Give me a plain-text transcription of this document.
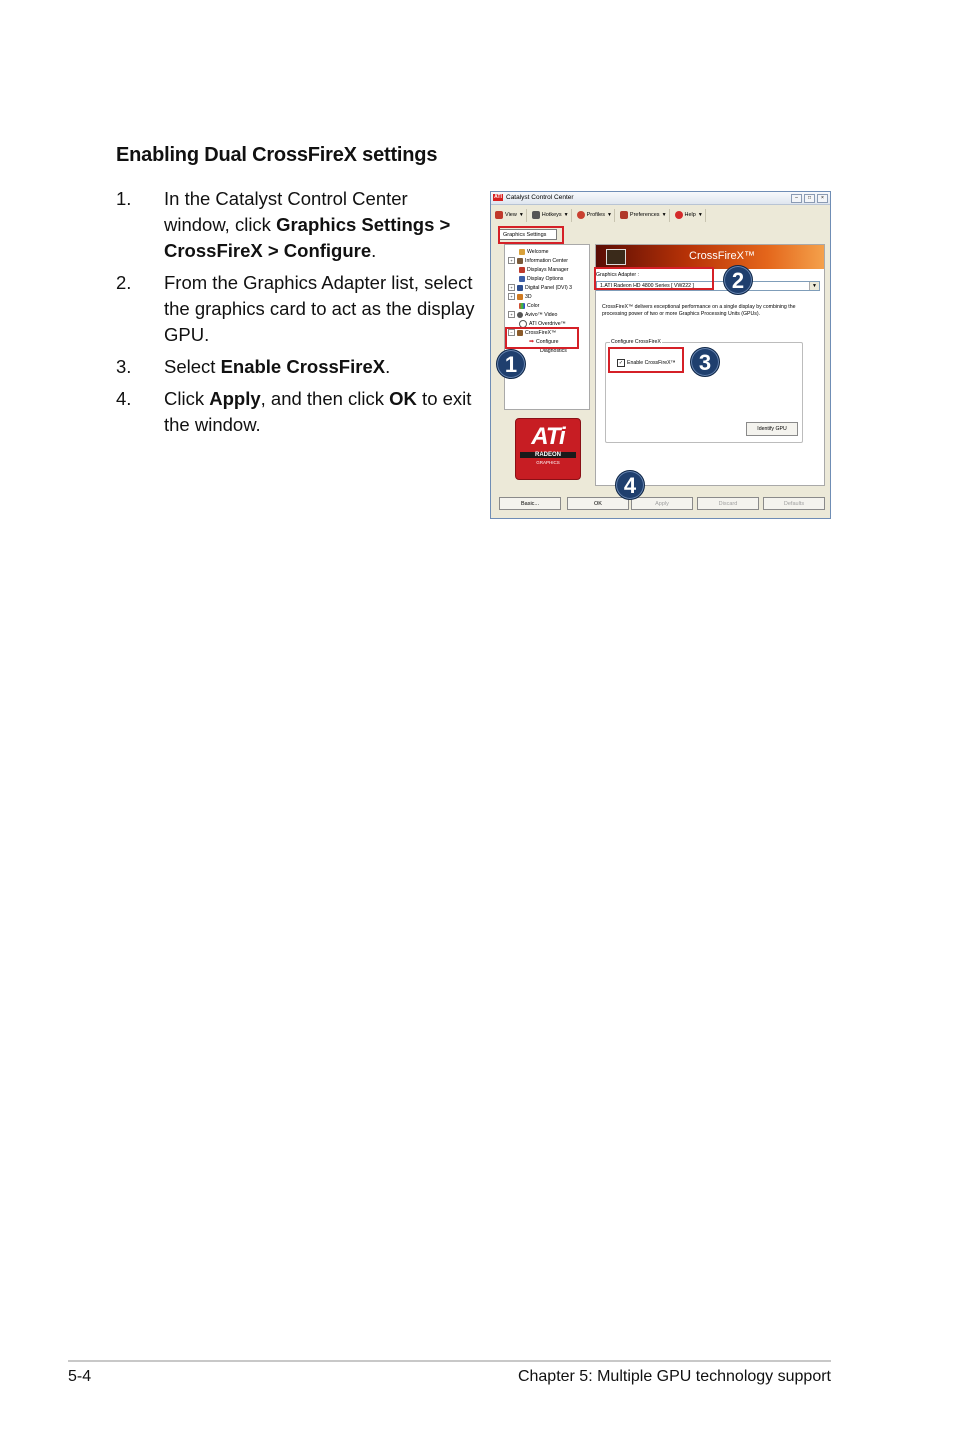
Enabling Dual CrossFireX settings
1. In the Catalyst Control Center window, click Graphics Settings > CrossFireX > Configure.
2. From the Graphics Adapter list, select the graphics card to act as the display GPU.
3. Select Enable CrossFireX.
4. Click Apply, and then click OK to exit the window.
ATI Catalyst Control Center	–	□	×
View ▼	Hotkeys ▼	Profiles ▼	Preferences ▼	Help ▼
Graphics Settings
Welcome
+	Information Center
Displays Manager
Display Options
+	Digital Panel (DVI) 3
+	3D
Color
+	Avivo™ Video
ATI Overdrive™
−	CrossFireX™
➡ Configure
Diagnostics
ATi
RADEON
GRAPHICS
CrossFireX™
Graphics Adapter :
1.ATI Radeon HD 4800 Series [ VW222 ]	▼
CrossFireX™ delivers exceptional performance on a single display by combining the processing power of two or more Graphics Processing Units (GPUs).
Configure CrossFireX
✓ Enable CrossFireX™
Identify GPU
Basic...	OK	Apply	Discard	Defaults
1
2
3
4
5-4	Chapter 5: Multiple GPU technology support
